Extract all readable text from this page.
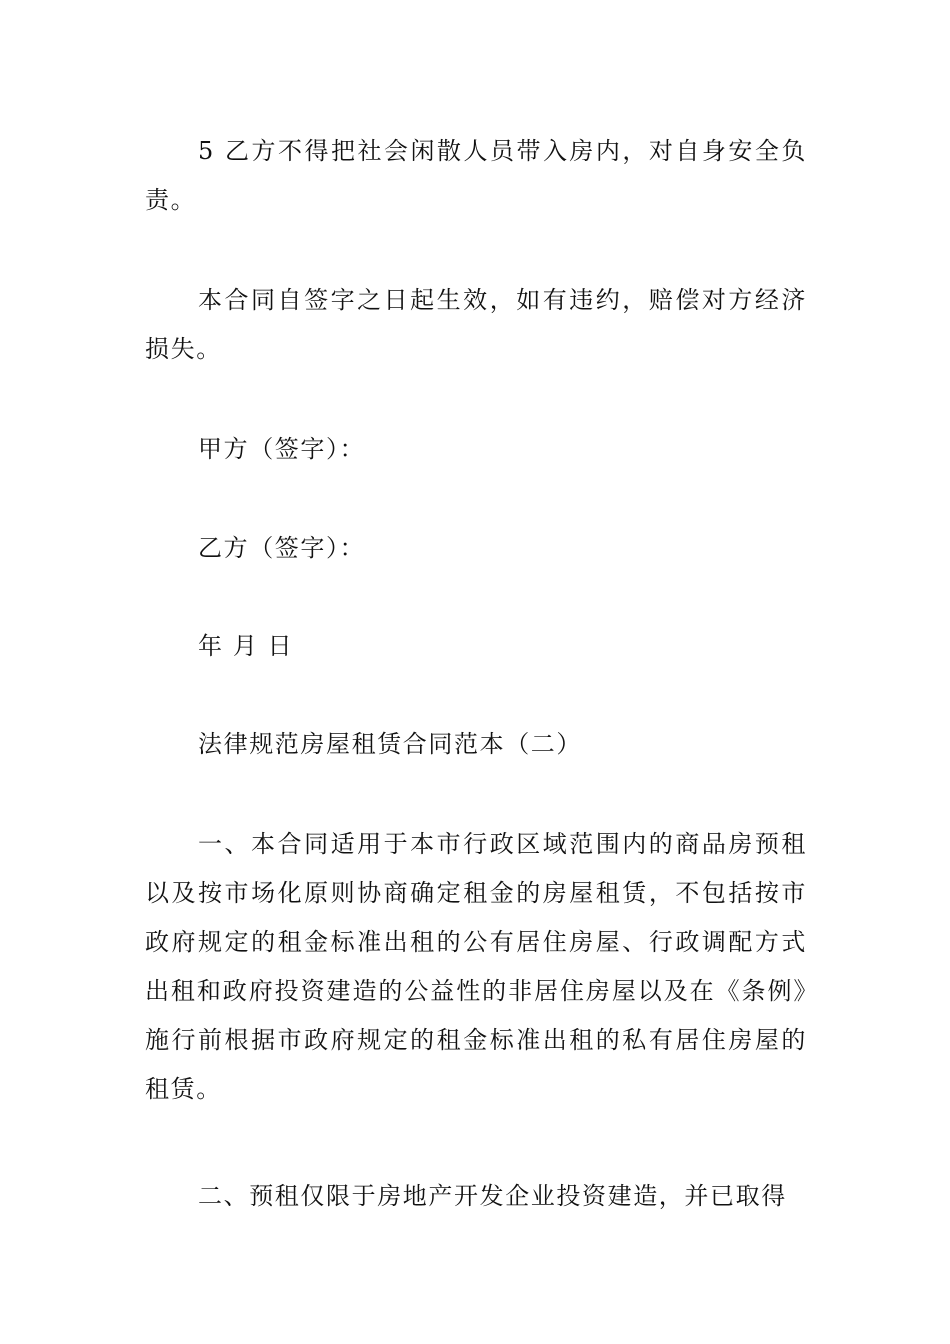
5 乙方不得把社会闲散人员带入房内，对自身安全负责。

本合同自签字之日起生效，如有违约，赔偿对方经济损失。

甲方（签字）：

乙方（签字）：

年 月 日

法律规范房屋租赁合同范本（二）

一、本合同适用于本市行政区域范围内的商品房预租以及按市场化原则协商确定租金的房屋租赁，不包括按市政府规定的租金标准出租的公有居住房屋、行政调配方式出租和政府投资建造的公益性的非居住房屋以及在《条例》施行前根据市政府规定的租金标准出租的私有居住房屋的租赁。

二、预租仅限于房地产开发企业投资建造，并已取得
